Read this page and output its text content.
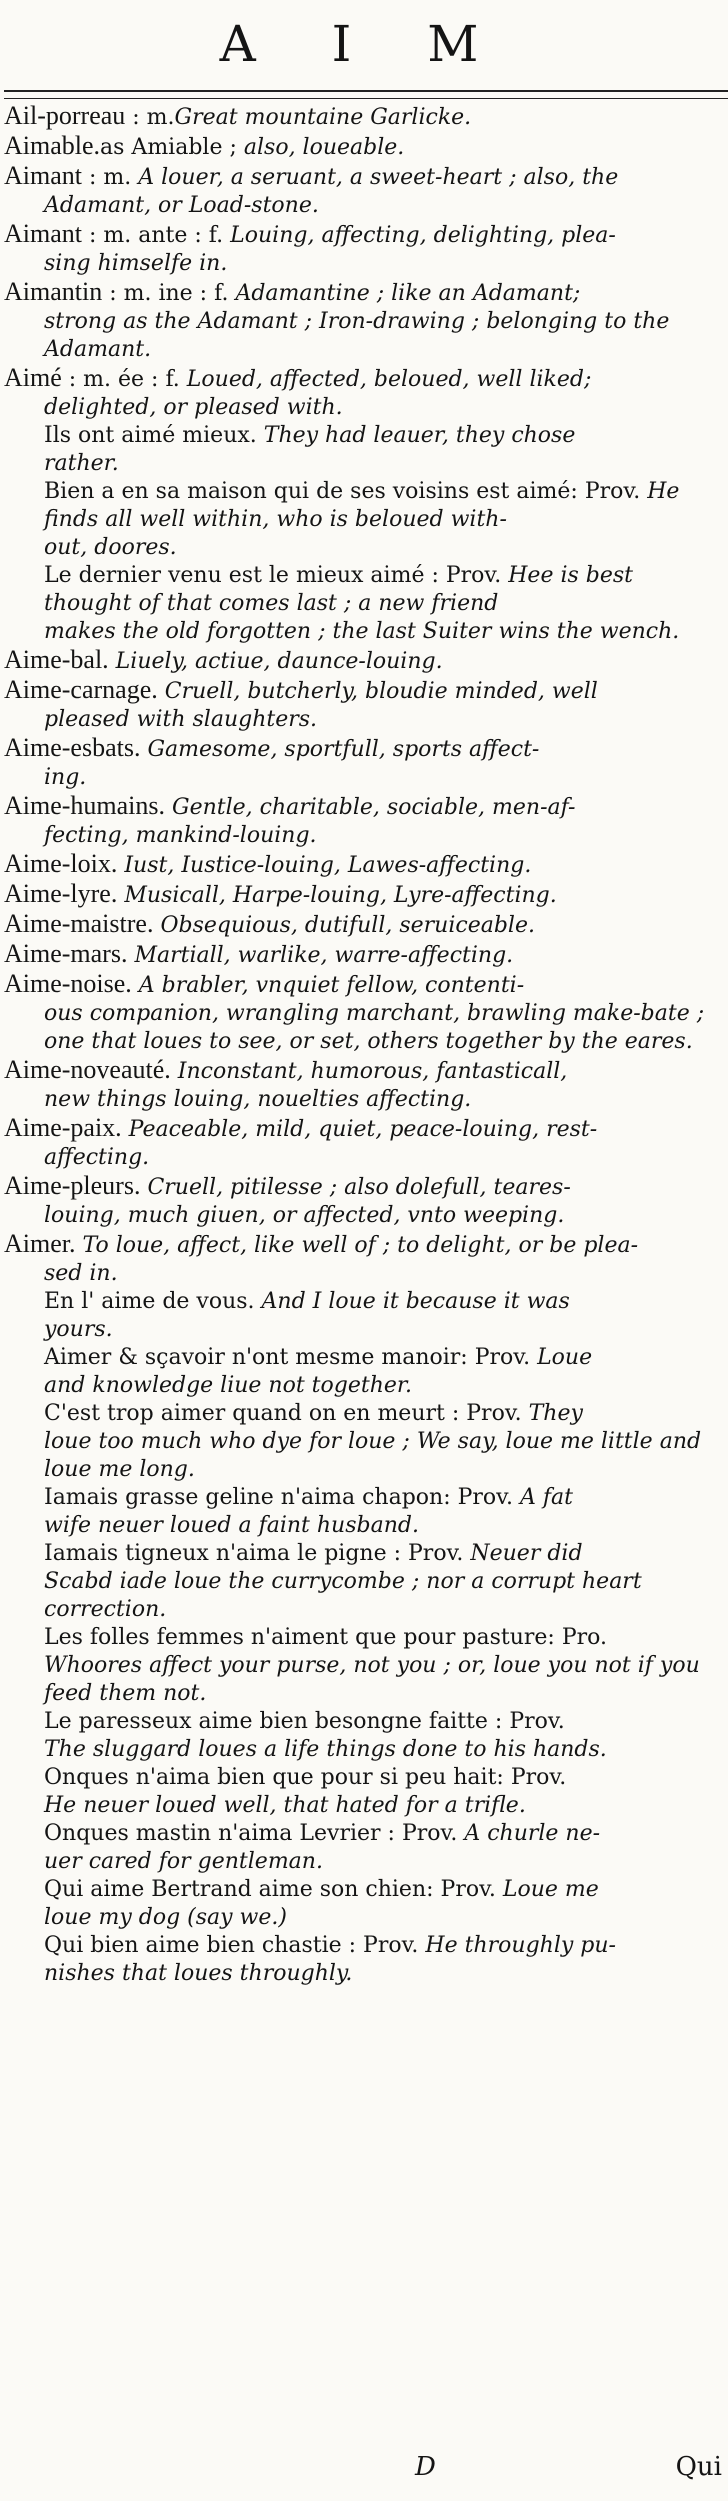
A I M

Ail-porreau : m.Great mountaine Garlicke.

Aimable.as Amiable ; also, loueable.

Aimant : m. A louer, a seruant, a sweet-heart ; also, the
Adamant, or Load-stone.

Aimant : m. ante : f. Louing, affecting, delighting, plea-
sing himselfe in.

Aimantin : m. ine : f. Adamantine ; like an Adamant;
strong as the Adamant ; Iron-drawing ; belonging to the Adamant.

Aimé : m. ée : f. Loued, affected, beloued, well liked;
delighted, or pleased with.

Ils ont aimé mieux. They had leauer, they chose
rather.

Bien a en sa maison qui de ses voisins est aimé: Prov. He finds all well within, who is beloued with-
out, doores.

Le dernier venu est le mieux aimé : Prov. Hee is best thought of that comes last ; a new friend
makes the old forgotten ; the last Suiter wins the wench.

Aime-bal. Liuely, actiue, daunce-louing.

Aime-carnage. Cruell, butcherly, bloudie minded, well
pleased with slaughters.

Aime-esbats. Gamesome, sportfull, sports affect-
ing.

Aime-humains. Gentle, charitable, sociable, men-af-
fecting, mankind-louing.

Aime-loix. Iust, Iustice-louing, Lawes-affecting.

Aime-lyre. Musicall, Harpe-louing, Lyre-affecting.

Aime-maistre. Obsequious, dutifull, seruiceable.

Aime-mars. Martiall, warlike, warre-affecting.

Aime-noise. A brabler, vnquiet fellow, contenti-
ous companion, wrangling marchant, brawling make-bate ; one that loues to see, or set, others together by the eares.

Aime-noveauté. Inconstant, humorous, fantasticall,
new things louing, nouelties affecting.

Aime-paix. Peaceable, mild, quiet, peace-louing, rest-
affecting.

Aime-pleurs. Cruell, pitilesse ; also dolefull, teares-
louing, much giuen, or affected, vnto weeping.

Aimer. To loue, affect, like well of ; to delight, or be plea-
sed in.

En l' aime de vous. And I loue it because it was
yours.

Aimer & sçavoir n'ont mesme manoir: Prov. Loue
and knowledge liue not together.

C'est trop aimer quand on en meurt : Prov. They
loue too much who dye for loue ; We say, loue me little and loue me long.

Iamais grasse geline n'aima chapon: Prov. A fat
wife neuer loued a faint husband.

Iamais tigneux n'aima le pigne : Prov. Neuer did
Scabd iade loue the currycombe ; nor a corrupt heart correction.

Les folles femmes n'aiment que pour pasture: Pro.
Whoores affect your purse, not you ; or, loue you not if you feed them not.

Le paresseux aime bien besongne faitte : Prov.
The sluggard loues a life things done to his hands.

Onques n'aima bien que pour si peu hait: Prov.
He neuer loued well, that hated for a trifle.

Onques mastin n'aima Levrier : Prov. A churle ne-
uer cared for gentleman.

Qui aime Bertrand aime son chien: Prov. Loue me
loue my dog (say we.)

Qui bien aime bien chastie : Prov. He throughly pu-
nishes that loues throughly.

D	Qui
